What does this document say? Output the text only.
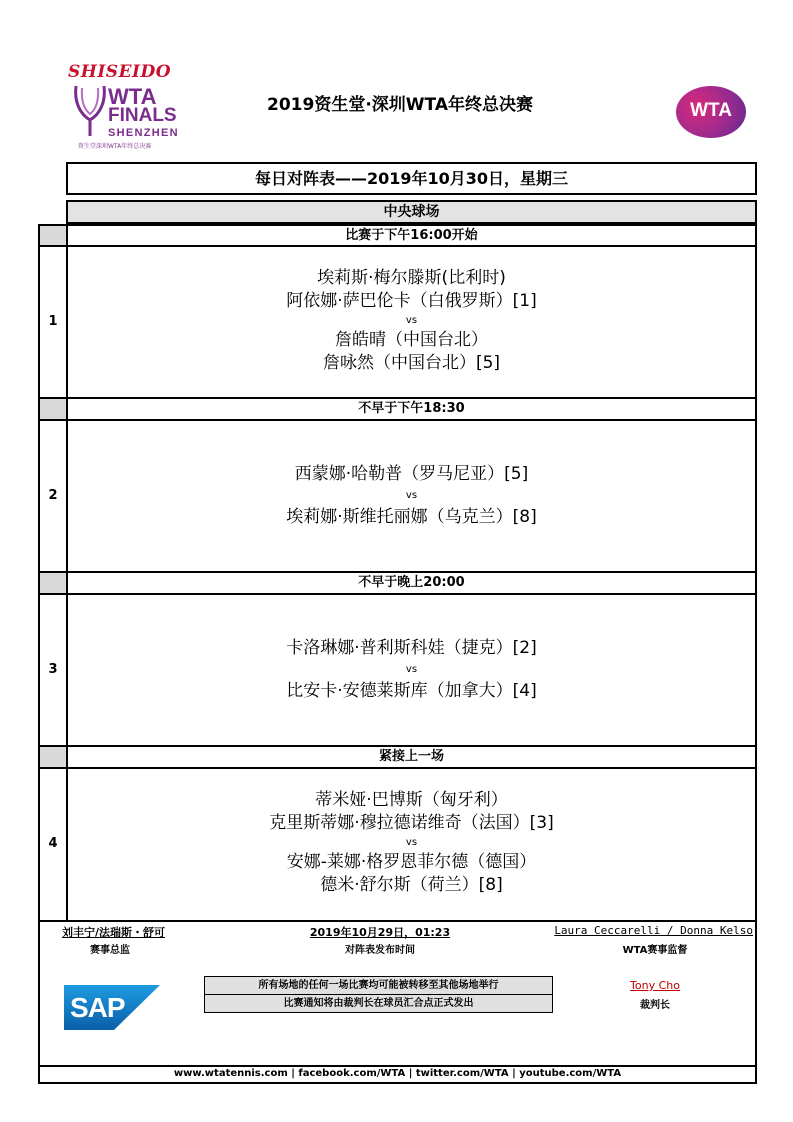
SHISEIDO
WTA
FINALS
SHENZHEN
资生堂深圳WTA年终总决赛
2019资生堂·深圳WTA年终总决赛	WTA
每日对阵表——2019年10月30日，星期三
中央球场
比赛于下午16:00开始
1
埃莉斯·梅尔滕斯(比利时)
阿依娜·萨巴伦卡（白俄罗斯）[1]
vs
詹皓晴（中国台北）
詹咏然（中国台北）[5]
不早于下午18:30
2
西蒙娜·哈勒普（罗马尼亚）[5]
vs
埃莉娜·斯维托丽娜（乌克兰）[8]
不早于晚上20:00
3
卡洛琳娜·普利斯科娃（捷克）[2]
vs
比安卡·安德莱斯库（加拿大）[4]
紧接上一场
4
蒂米娅·巴博斯（匈牙利）
克里斯蒂娜·穆拉德诺维奇（法国）[3]
vs
安娜-莱娜·格罗恩菲尔德（德国）
德米·舒尔斯（荷兰）[8]
刘丰宁/法瑞斯・舒可
赛事总监
2019年10月29日，01:23
对阵表发布时间
Laura Ceccarelli / Donna Kelso
WTA赛事监督
Tony Cho
裁判长
所有场地的任何一场比赛均可能被转移至其他场地举行
比赛通知将由裁判长在球员汇合点正式发出
SAP
www.wtatennis.com | facebook.com/WTA | twitter.com/WTA | youtube.com/WTA
